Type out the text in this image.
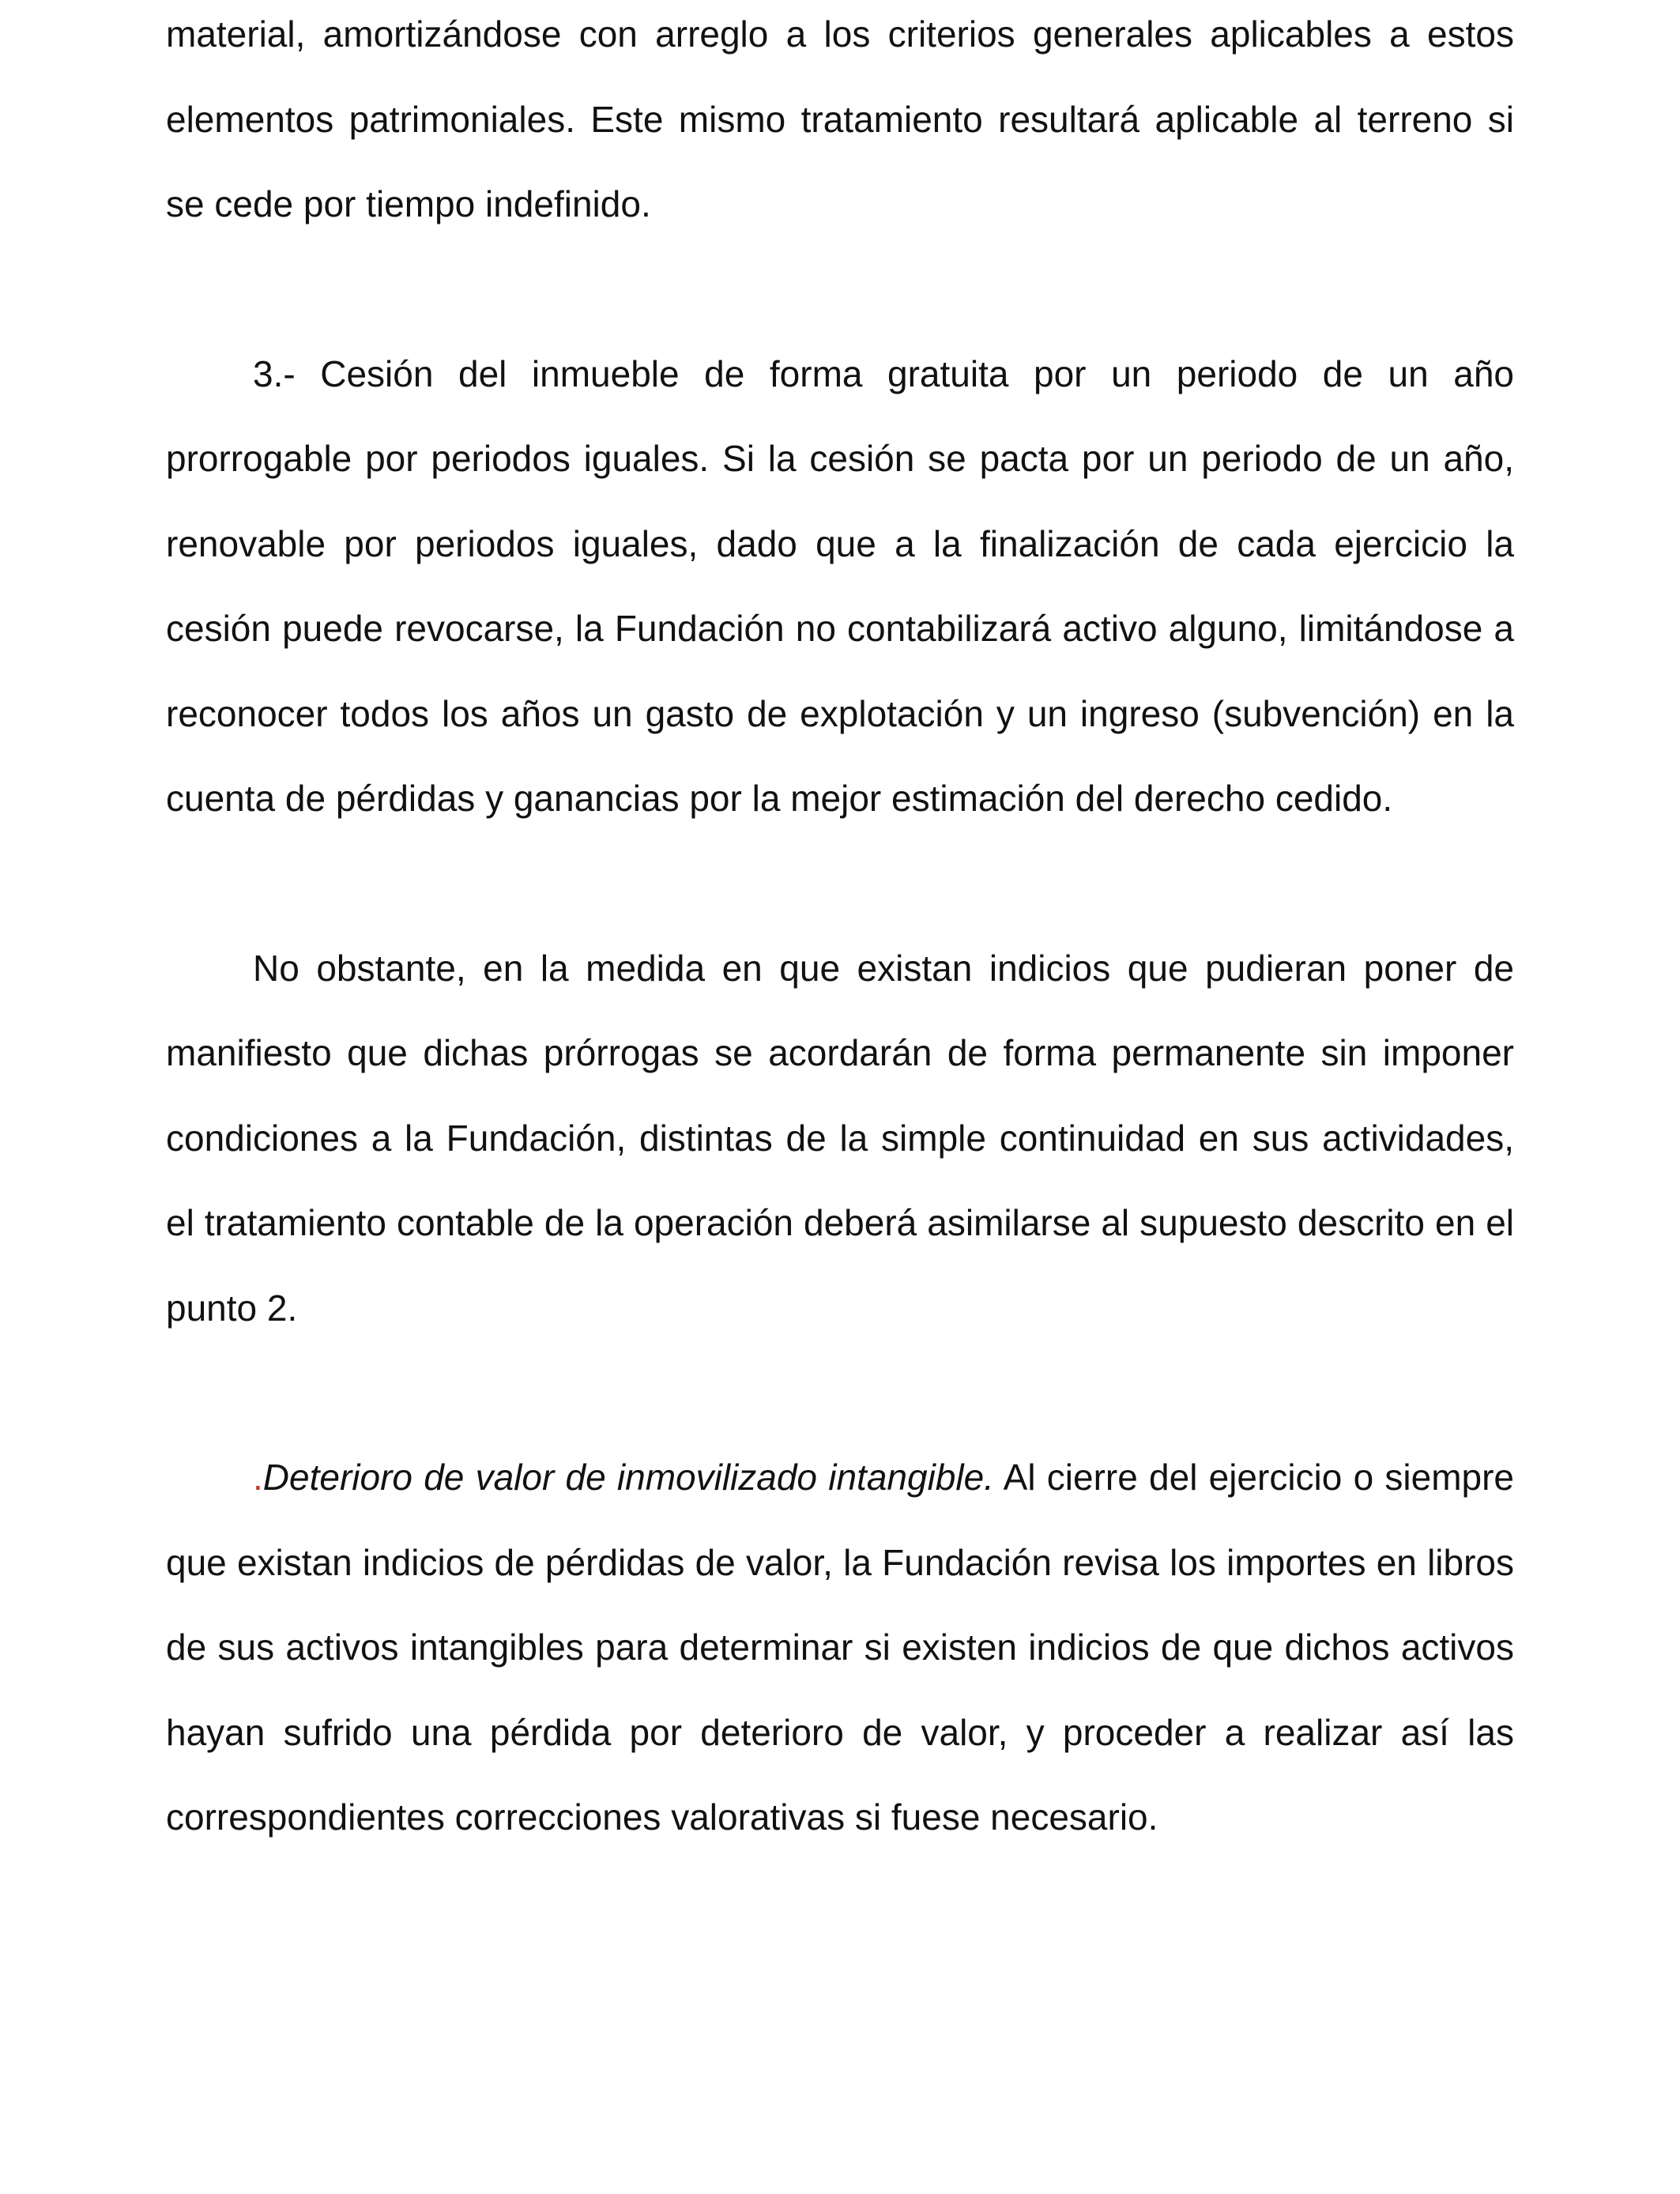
material, amortizándose con arreglo a los criterios generales aplicables a estos elementos patrimoniales. Este mismo tratamiento resultará aplicable al terreno si se cede por tiempo indefinido.

3.- Cesión del inmueble de forma gratuita por un periodo de un año prorrogable por periodos iguales. Si la cesión se pacta por un periodo de un año, renovable por periodos iguales, dado que a la finalización de cada ejercicio la cesión puede revocarse, la Fundación no contabilizará activo alguno, limitándose a reconocer todos los años un gasto de explotación y un ingreso (subvención) en la cuenta de pérdidas y ganancias por la mejor estimación del derecho cedido.

No obstante, en la medida en que existan indicios que pudieran poner de manifiesto que dichas prórrogas se acordarán de forma permanente sin imponer condiciones a la Fundación, distintas de la simple continuidad en sus actividades, el tratamiento contable de la operación deberá asimilarse al supuesto descrito en el punto 2.

.Deterioro de valor de inmovilizado intangible. Al cierre del ejercicio o siempre que existan indicios de pérdidas de valor, la Fundación revisa los importes en libros de sus activos intangibles para determinar si existen indicios de que dichos activos hayan sufrido una pérdida por deterioro de valor, y proceder a realizar así las correspondientes correcciones valorativas si fuese necesario.
